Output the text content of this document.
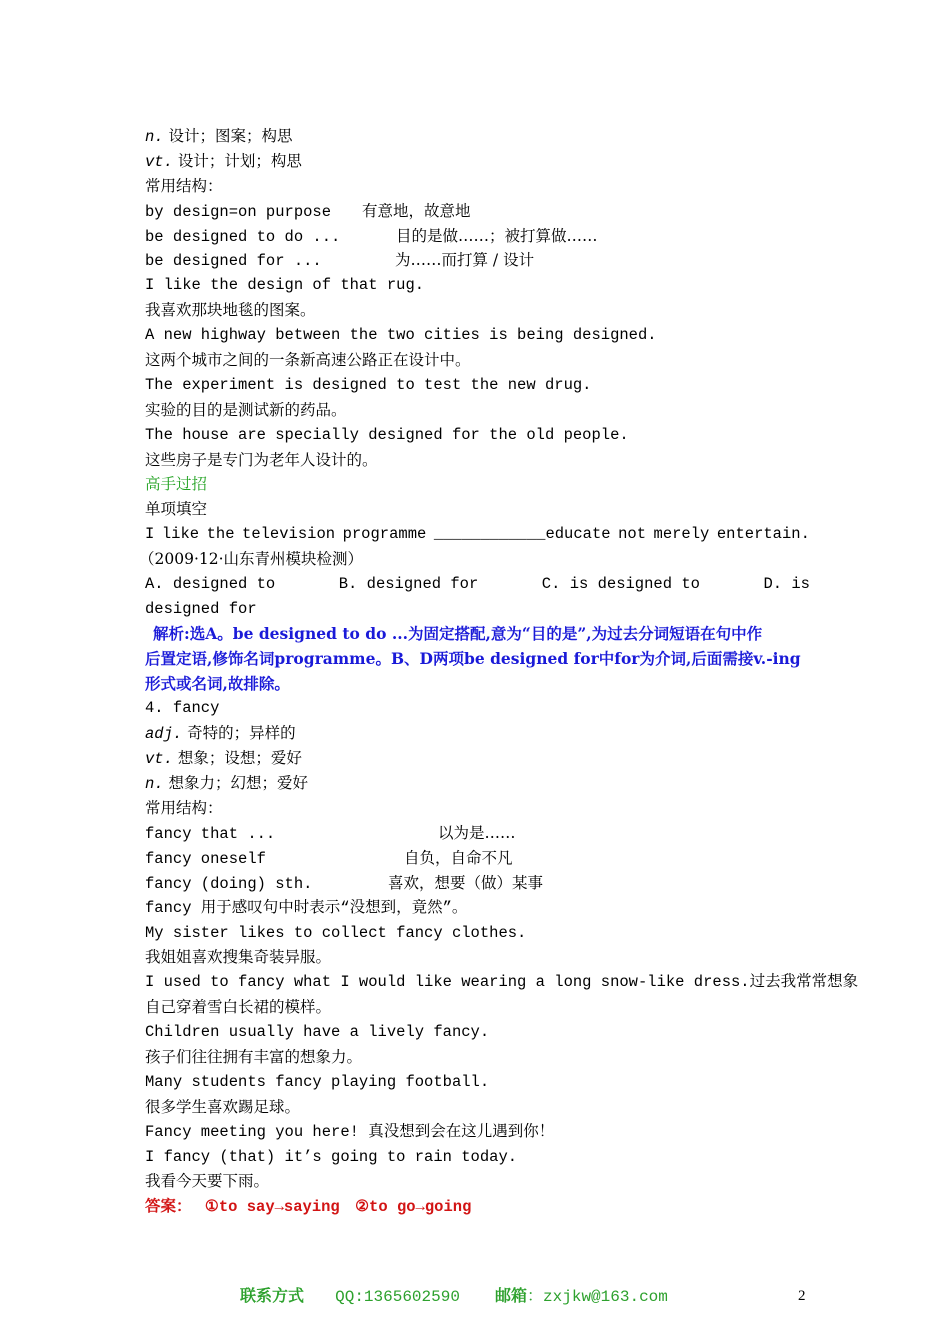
n. 设计；图案；构思
vt. 设计；计划；构思
常用结构：
by design=on purpose 有意地，故意地
be designed to do ...	目的是做……；被打算做……
be designed for ...	为……而打算 / 设计
I like the design of that rug.
我喜欢那块地毯的图案。
A new highway between the two cities is being designed.
这两个城市之间的一条新高速公路正在设计中。
The experiment is designed to test the new drug.
实验的目的是测试新的药品。
The house are specially designed for the old people.
这些房子是专门为老年人设计的。
高手过招
单项填空
I like the television programme ____________educate not merely entertain.
（2009·12·山东青州模块检测）
A. designed to	B. designed for	C. is designed to	D. is
designed for
解析:选A。be designed to do ...为固定搭配,意为“目的是”,为过去分词短语在句中作
后置定语,修饰名词programme。B、D两项be designed for中for为介词,后面需接v.-ing
形式或名词,故排除。
4. fancy
adj. 奇特的；异样的
vt. 想象；设想；爱好
n. 想象力；幻想；爱好
常用结构：
fancy that ...	以为是……
fancy oneself	自负，自命不凡
fancy (doing) sth.	喜欢，想要（做）某事
fancy 用于感叹句中时表示“没想到，竟然”。
My sister likes to collect fancy clothes.
我姐姐喜欢搜集奇装异服。
I used to fancy what I would like wearing a long snow-like dress.过去我常常想象
自己穿着雪白长裙的模样。
Children usually have a lively fancy.
孩子们往往拥有丰富的想象力。
Many students fancy playing football.
很多学生喜欢踢足球。
Fancy meeting you here! 真没想到会在这儿遇到你！
I fancy (that) it’s going to rain today.
我看今天要下雨。
答案： ①to say→saying ②to go→going
联系方式 QQ:1365602590 邮箱：zxjkw@163.com	2
